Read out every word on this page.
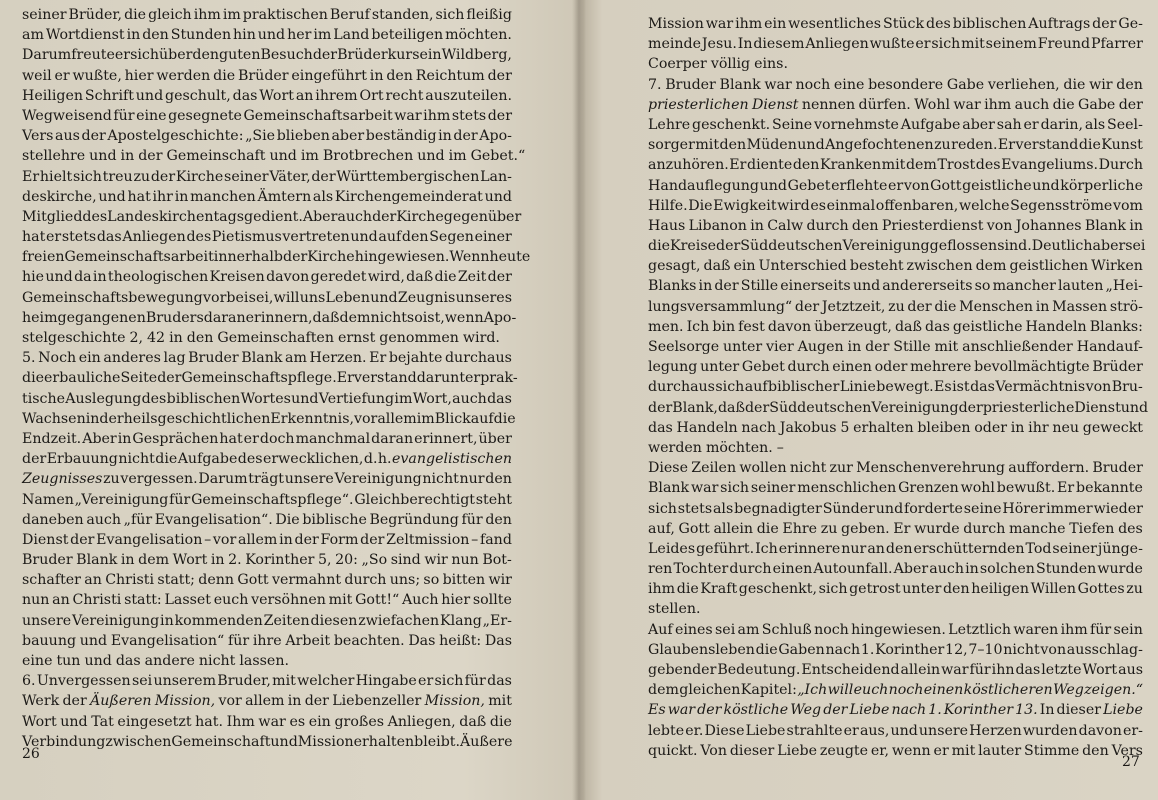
seiner Brüder, die gleich ihm im praktischen Beruf standen, sich fleißig
am Wortdienst in den Stunden hin und her im Land beteiligen möchten.
Darum freute er sich über den guten Besuch der Brüderkurse in Wildberg,
weil er wußte, hier werden die Brüder eingeführt in den Reichtum der
Heiligen Schrift und geschult, das Wort an ihrem Ort recht auszuteilen.
Wegweisend für eine gesegnete Gemeinschaftsarbeit war ihm stets der
Vers aus der Apostelgeschichte: „Sie blieben aber beständig in der Apo-
stellehre und in der Gemeinschaft und im Brotbrechen und im Gebet.“
Er hielt sich treu zu der Kirche seiner Väter, der Württembergischen Lan-
deskirche, und hat ihr in manchen Ämtern als Kirchengemeinderat und
Mitglied des Landeskirchentags gedient. Aber auch der Kirche gegenüber
hat er stets das Anliegen des Pietismus vertreten und auf den Segen einer
freien Gemeinschaftsarbeit innerhalb der Kirche hingewiesen. Wenn heute
hie und da in theologischen Kreisen davon geredet wird, daß die Zeit der
Gemeinschaftsbewegung vorbei sei, will uns Leben und Zeugnis unseres
heimgegangenen Bruders daran erinnern, daß dem nicht so ist, wenn Apo-
stelgeschichte 2, 42 in den Gemeinschaften ernst genommen wird.
5. Noch ein anderes lag Bruder Blank am Herzen. Er bejahte durchaus
die erbauliche Seite der Gemeinschaftspflege. Er verstand darunter prak-
tische Auslegung des biblischen Wortes und Vertiefung im Wort, auch das
Wachsen in der heilsgeschichtlichen Erkenntnis, vor allem im Blick auf die
Endzeit. Aber in Gesprächen hat er doch manchmal daran erinnert, über
der Erbauung nicht die Aufgabe des erwecklichen, d. h. evangelistischen
Zeugnisses zu vergessen. Darum trägt unsere Vereinigung nicht nur den
Namen „Vereinigung für Gemeinschaftspflege“. Gleichberechtigt steht
daneben auch „für Evangelisation“. Die biblische Begründung für den
Dienst der Evangelisation – vor allem in der Form der Zeltmission – fand
Bruder Blank in dem Wort in 2. Korinther 5, 20: „So sind wir nun Bot-
schafter an Christi statt; denn Gott vermahnt durch uns; so bitten wir
nun an Christi statt: Lasset euch versöhnen mit Gott!“ Auch hier sollte
unsere Vereinigung in kommenden Zeiten diesen zwiefachen Klang „Er-
bauung und Evangelisation“ für ihre Arbeit beachten. Das heißt: Das
eine tun und das andere nicht lassen.
6. Unvergessen sei unserem Bruder, mit welcher Hingabe er sich für das
Werk der Äußeren Mission, vor allem in der Liebenzeller Mission, mit
Wort und Tat eingesetzt hat. Ihm war es ein großes Anliegen, daß die
Verbindung zwischen Gemeinschaft und Mission erhalten bleibt. Äußere
26
Mission war ihm ein wesentliches Stück des biblischen Auftrags der Ge-
meinde Jesu. In diesem Anliegen wußte er sich mit seinem Freund Pfarrer
Coerper völlig eins.
7. Bruder Blank war noch eine besondere Gabe verliehen, die wir den
priesterlichen Dienst nennen dürfen. Wohl war ihm auch die Gabe der
Lehre geschenkt. Seine vornehmste Aufgabe aber sah er darin, als Seel-
sorger mit den Müden und Angefochtenen zu reden. Er verstand die Kunst
anzuhören. Er diente den Kranken mit dem Trost des Evangeliums. Durch
Handauflegung und Gebet erflehte er von Gott geistliche und körperliche
Hilfe. Die Ewigkeit wird es einmal offenbaren, welche Segensströme vom
Haus Libanon in Calw durch den Priesterdienst von Johannes Blank in
die Kreise der Süddeutschen Vereinigung geflossen sind. Deutlich aber sei
gesagt, daß ein Unterschied besteht zwischen dem geistlichen Wirken
Blanks in der Stille einerseits und andererseits so mancher lauten „Hei-
lungsversammlung“ der Jetztzeit, zu der die Menschen in Massen strö-
men. Ich bin fest davon überzeugt, daß das geistliche Handeln Blanks:
Seelsorge unter vier Augen in der Stille mit anschließender Handauf-
legung unter Gebet durch einen oder mehrere bevollmächtigte Brüder
durchaus sich auf biblischer Linie bewegt. Es ist das Vermächtnis von Bru-
der Blank, daß der Süddeutschen Vereinigung der priesterliche Dienst und
das Handeln nach Jakobus 5 erhalten bleiben oder in ihr neu geweckt
werden möchten. –
Diese Zeilen wollen nicht zur Menschenverehrung auffordern. Bruder
Blank war sich seiner menschlichen Grenzen wohl bewußt. Er bekannte
sich stets als begnadigter Sünder und forderte seine Hörer immer wieder
auf, Gott allein die Ehre zu geben. Er wurde durch manche Tiefen des
Leides geführt. Ich erinnere nur an den erschütternden Tod seiner jünge-
ren Tochter durch einen Autounfall. Aber auch in solchen Stunden wurde
ihm die Kraft geschenkt, sich getrost unter den heiligen Willen Gottes zu
stellen.
Auf eines sei am Schluß noch hingewiesen. Letztlich waren ihm für sein
Glaubensleben die Gaben nach 1. Korinther 12, 7–10 nicht von ausschlag-
gebender Bedeutung. Entscheidend allein war für ihn das letzte Wort aus
dem gleichen Kapitel: „Ich will euch noch einen köstlicheren Weg zeigen.“
Es war der köstliche Weg der Liebe nach 1. Korinther 13. In dieser Liebe
lebte er. Diese Liebe strahlte er aus, und unsere Herzen wurden davon er-
quickt. Von dieser Liebe zeugte er, wenn er mit lauter Stimme den Vers
27
